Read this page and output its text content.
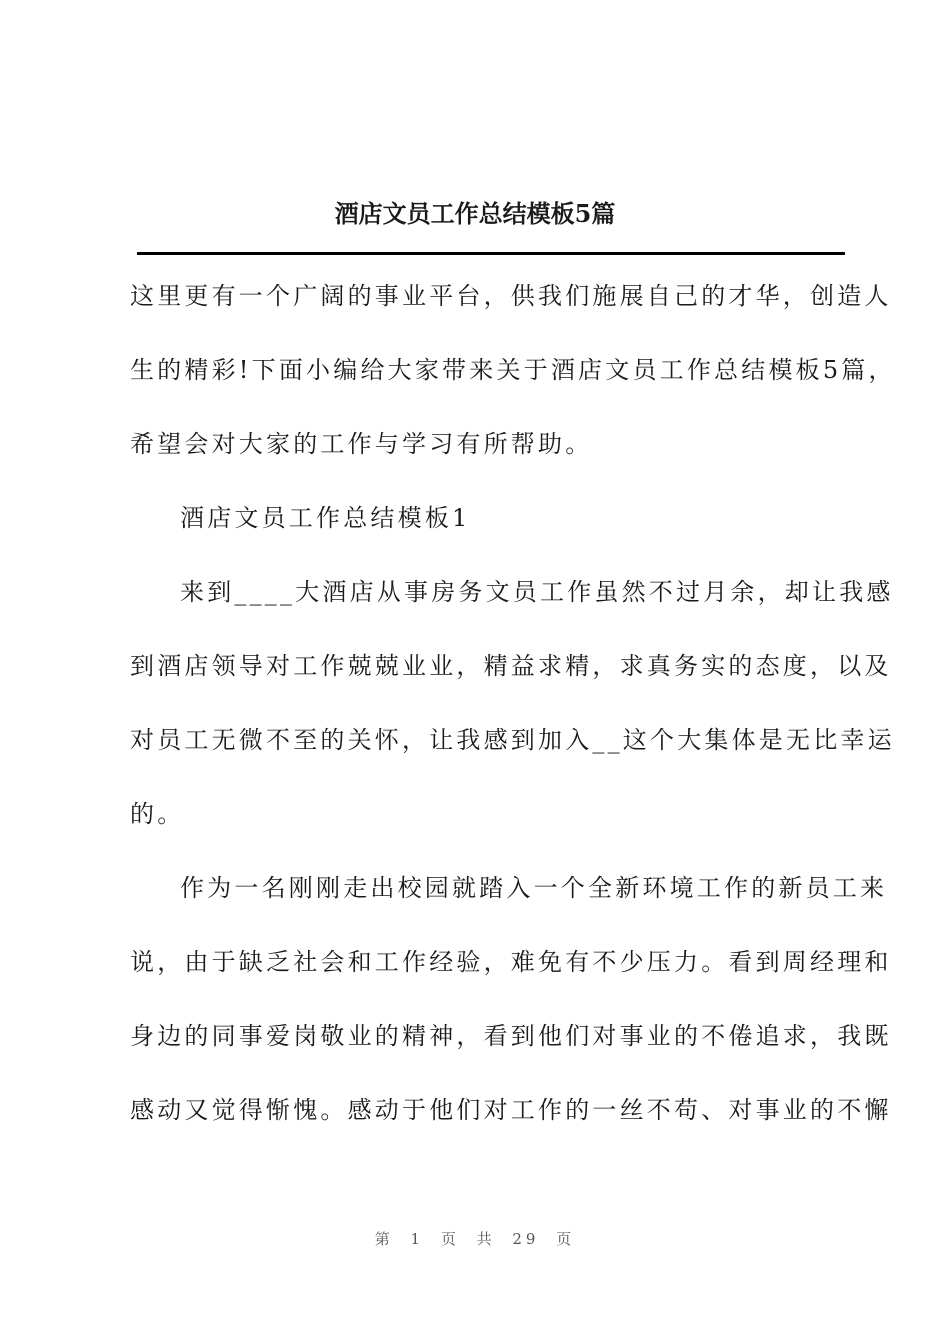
酒店文员工作总结模板5篇
这里更有一个广阔的事业平台，供我们施展自己的才华，创造人
生的精彩!下面小编给大家带来关于酒店文员工作总结模板5篇，
希望会对大家的工作与学习有所帮助。
酒店文员工作总结模板1
来到____大酒店从事房务文员工作虽然不过月余，却让我感
到酒店领导对工作兢兢业业，精益求精，求真务实的态度，以及
对员工无微不至的关怀，让我感到加入__这个大集体是无比幸运
的。
作为一名刚刚走出校园就踏入一个全新环境工作的新员工来
说，由于缺乏社会和工作经验，难免有不少压力。看到周经理和
身边的同事爱岗敬业的精神，看到他们对事业的不倦追求，我既
感动又觉得惭愧。感动于他们对工作的一丝不苟、对事业的不懈
第 1 页 共 29 页
